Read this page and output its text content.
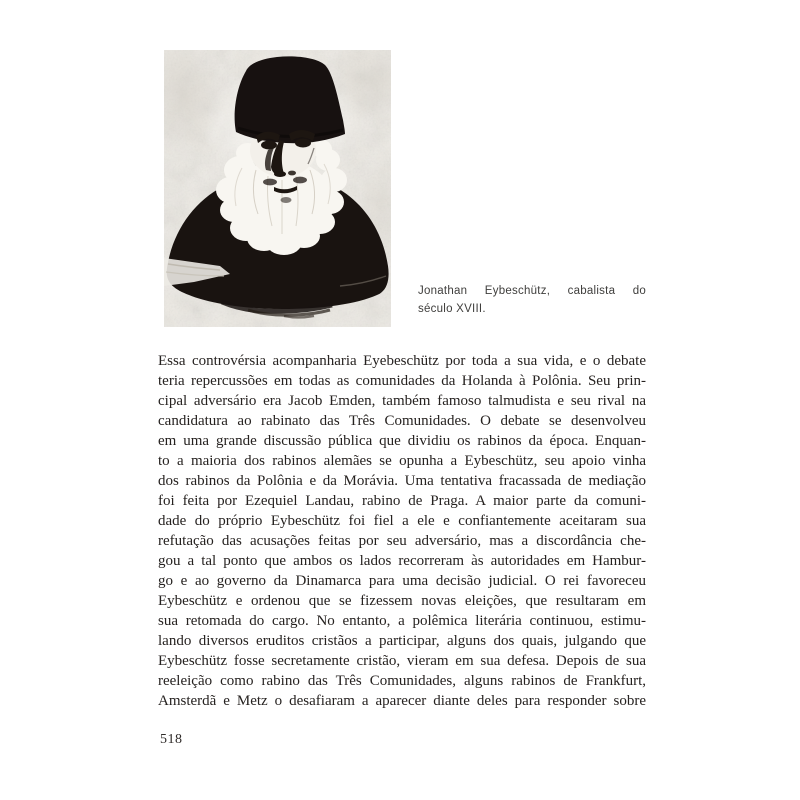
Jonathan Eybeschütz, cabalista do
século XVIII.
Essa controvérsia acompanharia Eyebeschütz por toda a sua vida, e o debate
teria repercussões em todas as comunidades da Holanda à Polônia. Seu prin-
cipal adversário era Jacob Emden, também famoso talmudista e seu rival na
candidatura ao rabinato das Três Comunidades. O debate se desenvolveu
em uma grande discussão pública que dividiu os rabinos da época. Enquan-
to a maioria dos rabinos alemães se opunha a Eybeschütz, seu apoio vinha
dos rabinos da Polônia e da Morávia. Uma tentativa fracassada de mediação
foi feita por Ezequiel Landau, rabino de Praga. A maior parte da comuni-
dade do próprio Eybeschütz foi fiel a ele e confiantemente aceitaram sua
refutação das acusações feitas por seu adversário, mas a discordância che-
gou a tal ponto que ambos os lados recorreram às autoridades em Hambur-
go e ao governo da Dinamarca para uma decisão judicial. O rei favoreceu
Eybeschütz e ordenou que se fizessem novas eleições, que resultaram em
sua retomada do cargo. No entanto, a polêmica literária continuou, estimu-
lando diversos eruditos cristãos a participar, alguns dos quais, julgando que
Eybeschütz fosse secretamente cristão, vieram em sua defesa. Depois de sua
reeleição como rabino das Três Comunidades, alguns rabinos de Frankfurt,
Amsterdã e Metz o desafiaram a aparecer diante deles para responder sobre
518
